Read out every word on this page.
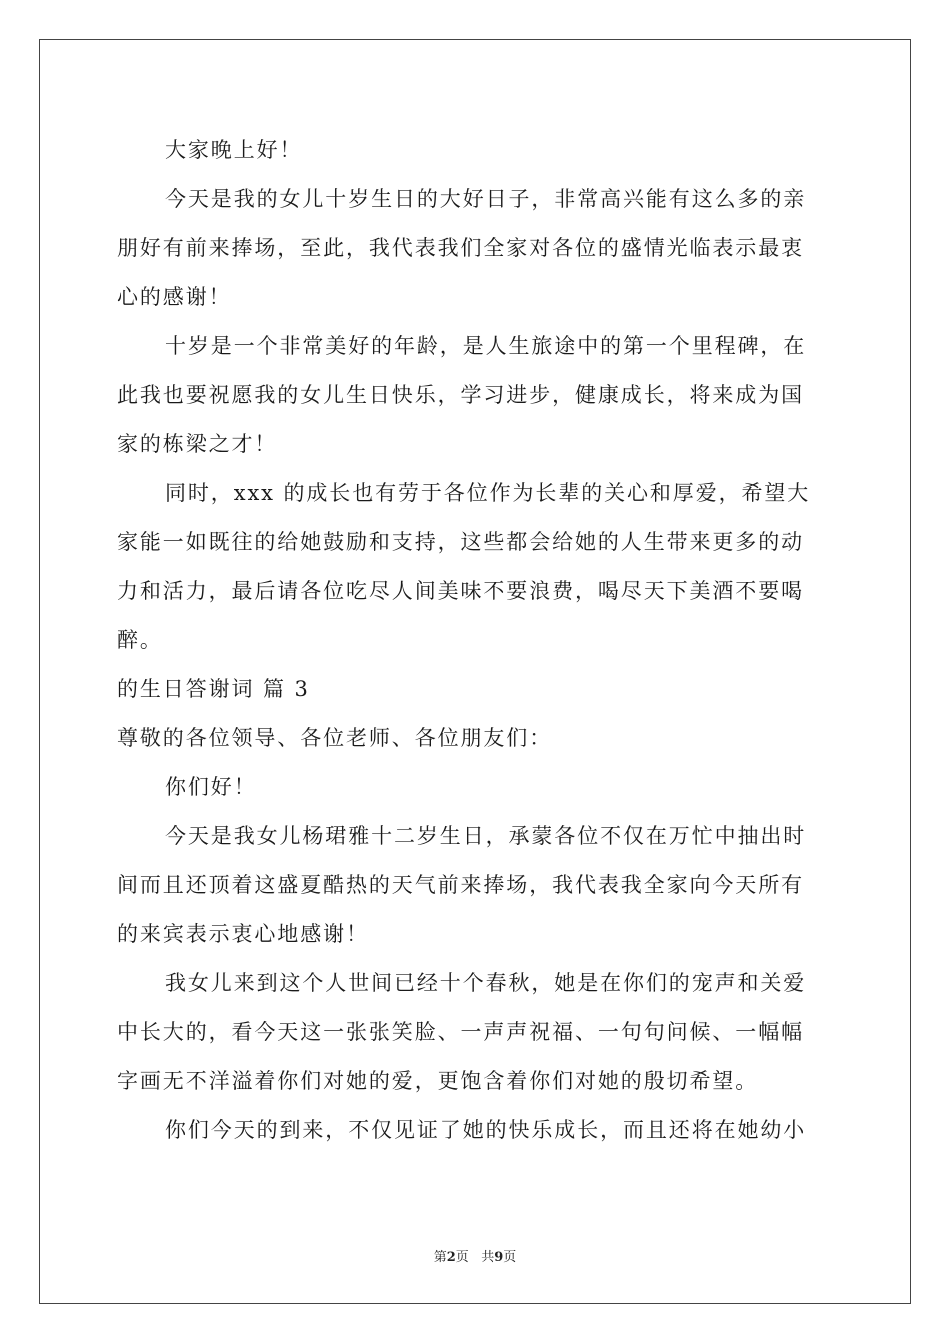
大家晚上好！
今天是我的女儿十岁生日的大好日子，非常高兴能有这么多的亲
朋好有前来捧场，至此，我代表我们全家对各位的盛情光临表示最衷
心的感谢！
十岁是一个非常美好的年龄，是人生旅途中的第一个里程碑，在
此我也要祝愿我的女儿生日快乐，学习进步，健康成长，将来成为国
家的栋梁之才！
同时，xxx 的成长也有劳于各位作为长辈的关心和厚爱，希望大
家能一如既往的给她鼓励和支持，这些都会给她的人生带来更多的动
力和活力，最后请各位吃尽人间美味不要浪费，喝尽天下美酒不要喝
醉。
的生日答谢词 篇 3
尊敬的各位领导、各位老师、各位朋友们：
你们好！
今天是我女儿杨珺雅十二岁生日，承蒙各位不仅在万忙中抽出时
间而且还顶着这盛夏酷热的天气前来捧场，我代表我全家向今天所有
的来宾表示衷心地感谢！
我女儿来到这个人世间已经十个春秋，她是在你们的宠声和关爱
中长大的，看今天这一张张笑脸、一声声祝福、一句句问候、一幅幅
字画无不洋溢着你们对她的爱，更饱含着你们对她的殷切希望。
你们今天的到来，不仅见证了她的快乐成长，而且还将在她幼小
第2页 共9页
